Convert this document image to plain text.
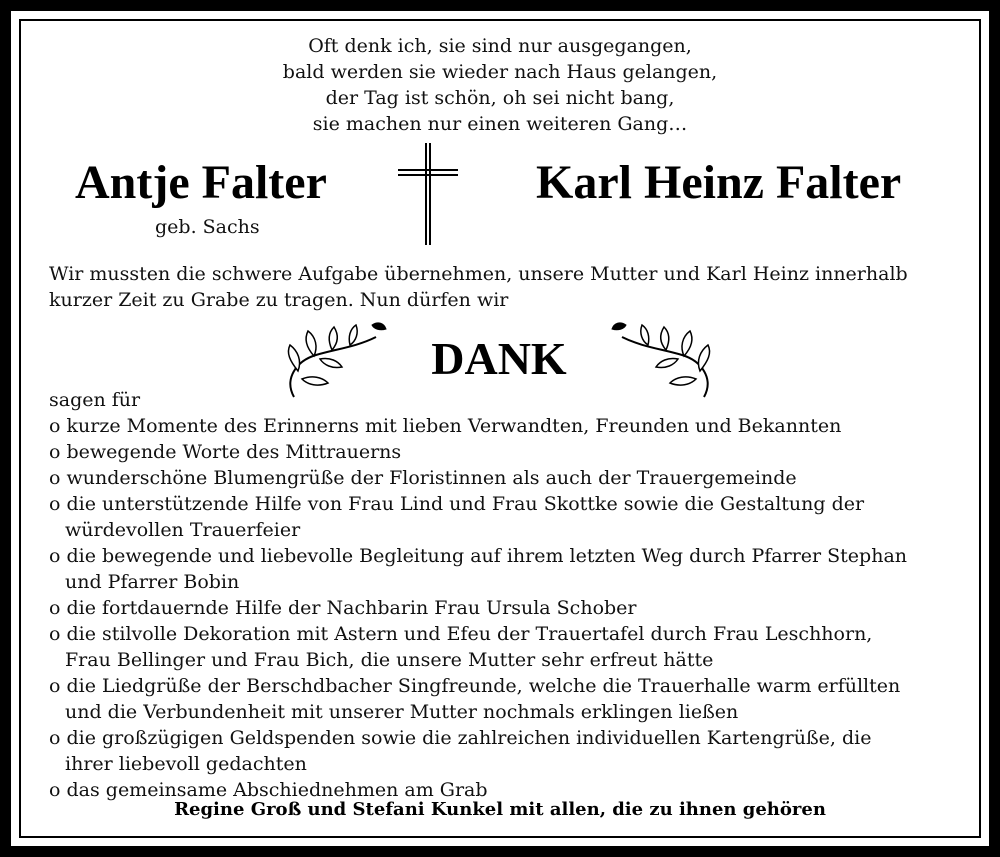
Oft denk ich, sie sind nur ausgegangen,
bald werden sie wieder nach Haus gelangen,
der Tag ist schön, oh sei nicht bang,
sie machen nur einen weiteren Gang…
Antje Falter
geb. Sachs
Karl Heinz Falter
Wir mussten die schwere Aufgabe übernehmen, unsere Mutter und Karl Heinz innerhalb
kurzer Zeit zu Grabe zu tragen. Nun dürfen wir
DANK
sagen für
o kurze Momente des Erinnerns mit lieben Verwandten, Freunden und Bekannten
o bewegende Worte des Mittrauerns
o wunderschöne Blumengrüße der Floristinnen als auch der Trauergemeinde
o die unterstützende Hilfe von Frau Lind und Frau Skottke sowie die Gestaltung der
würdevollen Trauerfeier
o die bewegende und liebevolle Begleitung auf ihrem letzten Weg durch Pfarrer Stephan
und Pfarrer Bobin
o die fortdauernde Hilfe der Nachbarin Frau Ursula Schober
o die stilvolle Dekoration mit Astern und Efeu der Trauertafel durch Frau Leschhorn,
Frau Bellinger und Frau Bich, die unsere Mutter sehr erfreut hätte
o die Liedgrüße der Berschdbacher Singfreunde, welche die Trauerhalle warm erfüllten
und die Verbundenheit mit unserer Mutter nochmals erklingen ließen
o die großzügigen Geldspenden sowie die zahlreichen individuellen Kartengrüße, die
ihrer liebevoll gedachten
o das gemeinsame Abschiednehmen am Grab
Regine Groß und Stefani Kunkel mit allen, die zu ihnen gehören
